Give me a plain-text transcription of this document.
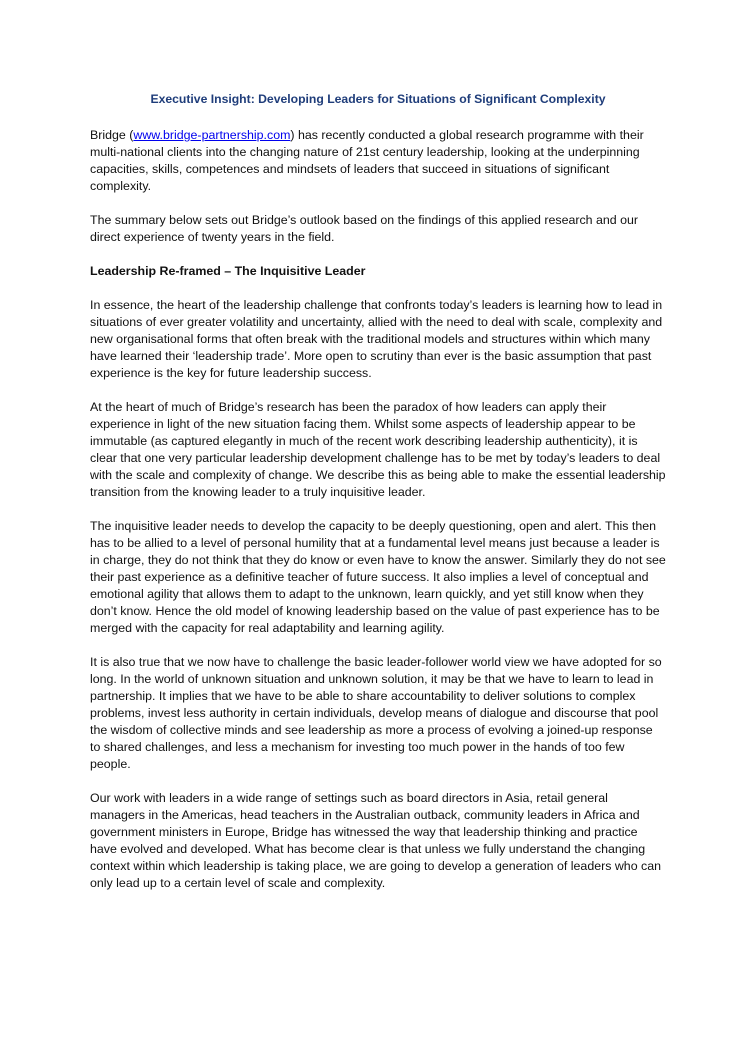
Executive Insight: Developing Leaders for Situations of Significant Complexity

Bridge (www.bridge-partnership.com) has recently conducted a global research programme with their multi-national clients into the changing nature of 21st century leadership, looking at the underpinning capacities, skills, competences and mindsets of leaders that succeed in situations of significant complexity.

The summary below sets out Bridge’s outlook based on the findings of this applied research and our direct experience of twenty years in the field.

Leadership Re-framed – The Inquisitive Leader

In essence, the heart of the leadership challenge that confronts today’s leaders is learning how to lead in situations of ever greater volatility and uncertainty, allied with the need to deal with scale, complexity and new organisational forms that often break with the traditional models and structures within which many have learned their ‘leadership trade’. More open to scrutiny than ever is the basic assumption that past experience is the key for future leadership success.

At the heart of much of Bridge’s research has been the paradox of how leaders can apply their experience in light of the new situation facing them. Whilst some aspects of leadership appear to be immutable (as captured elegantly in much of the recent work describing leadership authenticity), it is clear that one very particular leadership development challenge has to be met by today’s leaders to deal with the scale and complexity of change. We describe this as being able to make the essential leadership transition from the knowing leader to a truly inquisitive leader.

The inquisitive leader needs to develop the capacity to be deeply questioning, open and alert. This then has to be allied to a level of personal humility that at a fundamental level means just because a leader is in charge, they do not think that they do know or even have to know the answer. Similarly they do not see their past experience as a definitive teacher of future success. It also implies a level of conceptual and emotional agility that allows them to adapt to the unknown, learn quickly, and yet still know when they don’t know. Hence the old model of knowing leadership based on the value of past experience has to be merged with the capacity for real adaptability and learning agility.

It is also true that we now have to challenge the basic leader-follower world view we have adopted for so long. In the world of unknown situation and unknown solution, it may be that we have to learn to lead in partnership. It implies that we have to be able to share accountability to deliver solutions to complex problems, invest less authority in certain individuals, develop means of dialogue and discourse that pool the wisdom of collective minds and see leadership as more a process of evolving a joined-up response to shared challenges, and less a mechanism for investing too much power in the hands of too few people.

Our work with leaders in a wide range of settings such as board directors in Asia, retail general managers in the Americas, head teachers in the Australian outback, community leaders in Africa and government ministers in Europe, Bridge has witnessed the way that leadership thinking and practice have evolved and developed. What has become clear is that unless we fully understand the changing context within which leadership is taking place, we are going to develop a generation of leaders who can only lead up to a certain level of scale and complexity.
